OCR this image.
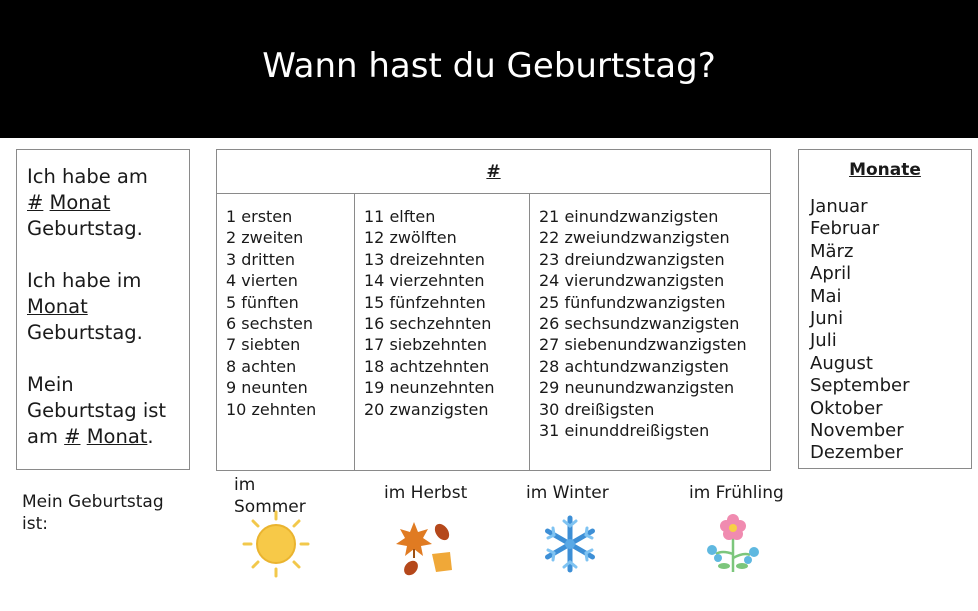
Wann hast du Geburtstag?

Ich habe am
# Monat
Geburtstag.

Ich habe im
Monat
Geburtstag.

Mein
Geburtstag ist
am # Monat.

#
1 ersten
2 zweiten
3 dritten
4 vierten
5 fünften
6 sechsten
7 siebten
8 achten
9 neunten
10 zehnten
11 elften
12 zwölften
13 dreizehnten
14 vierzehnten
15 fünfzehnten
16 sechzehnten
17 siebzehnten
18 achtzehnten
19 neunzehnten
20 zwanzigsten
21 einundzwanzigsten
22 zweiundzwanzigsten
23 dreiundzwanzigsten
24 vierundzwanzigsten
25 fünfundzwanzigsten
26 sechsundzwanzigsten
27 siebenundzwanzigsten
28 achtundzwanzigsten
29 neunundzwanzigsten
30 dreißigsten
31 einunddreißigsten
Monate
Januar
Februar
März
April
Mai
Juni
Juli
August
September
Oktober
November
Dezember
Mein Geburtstag
ist:
im
Sommer
im Herbst	im Winter	im Frühling
